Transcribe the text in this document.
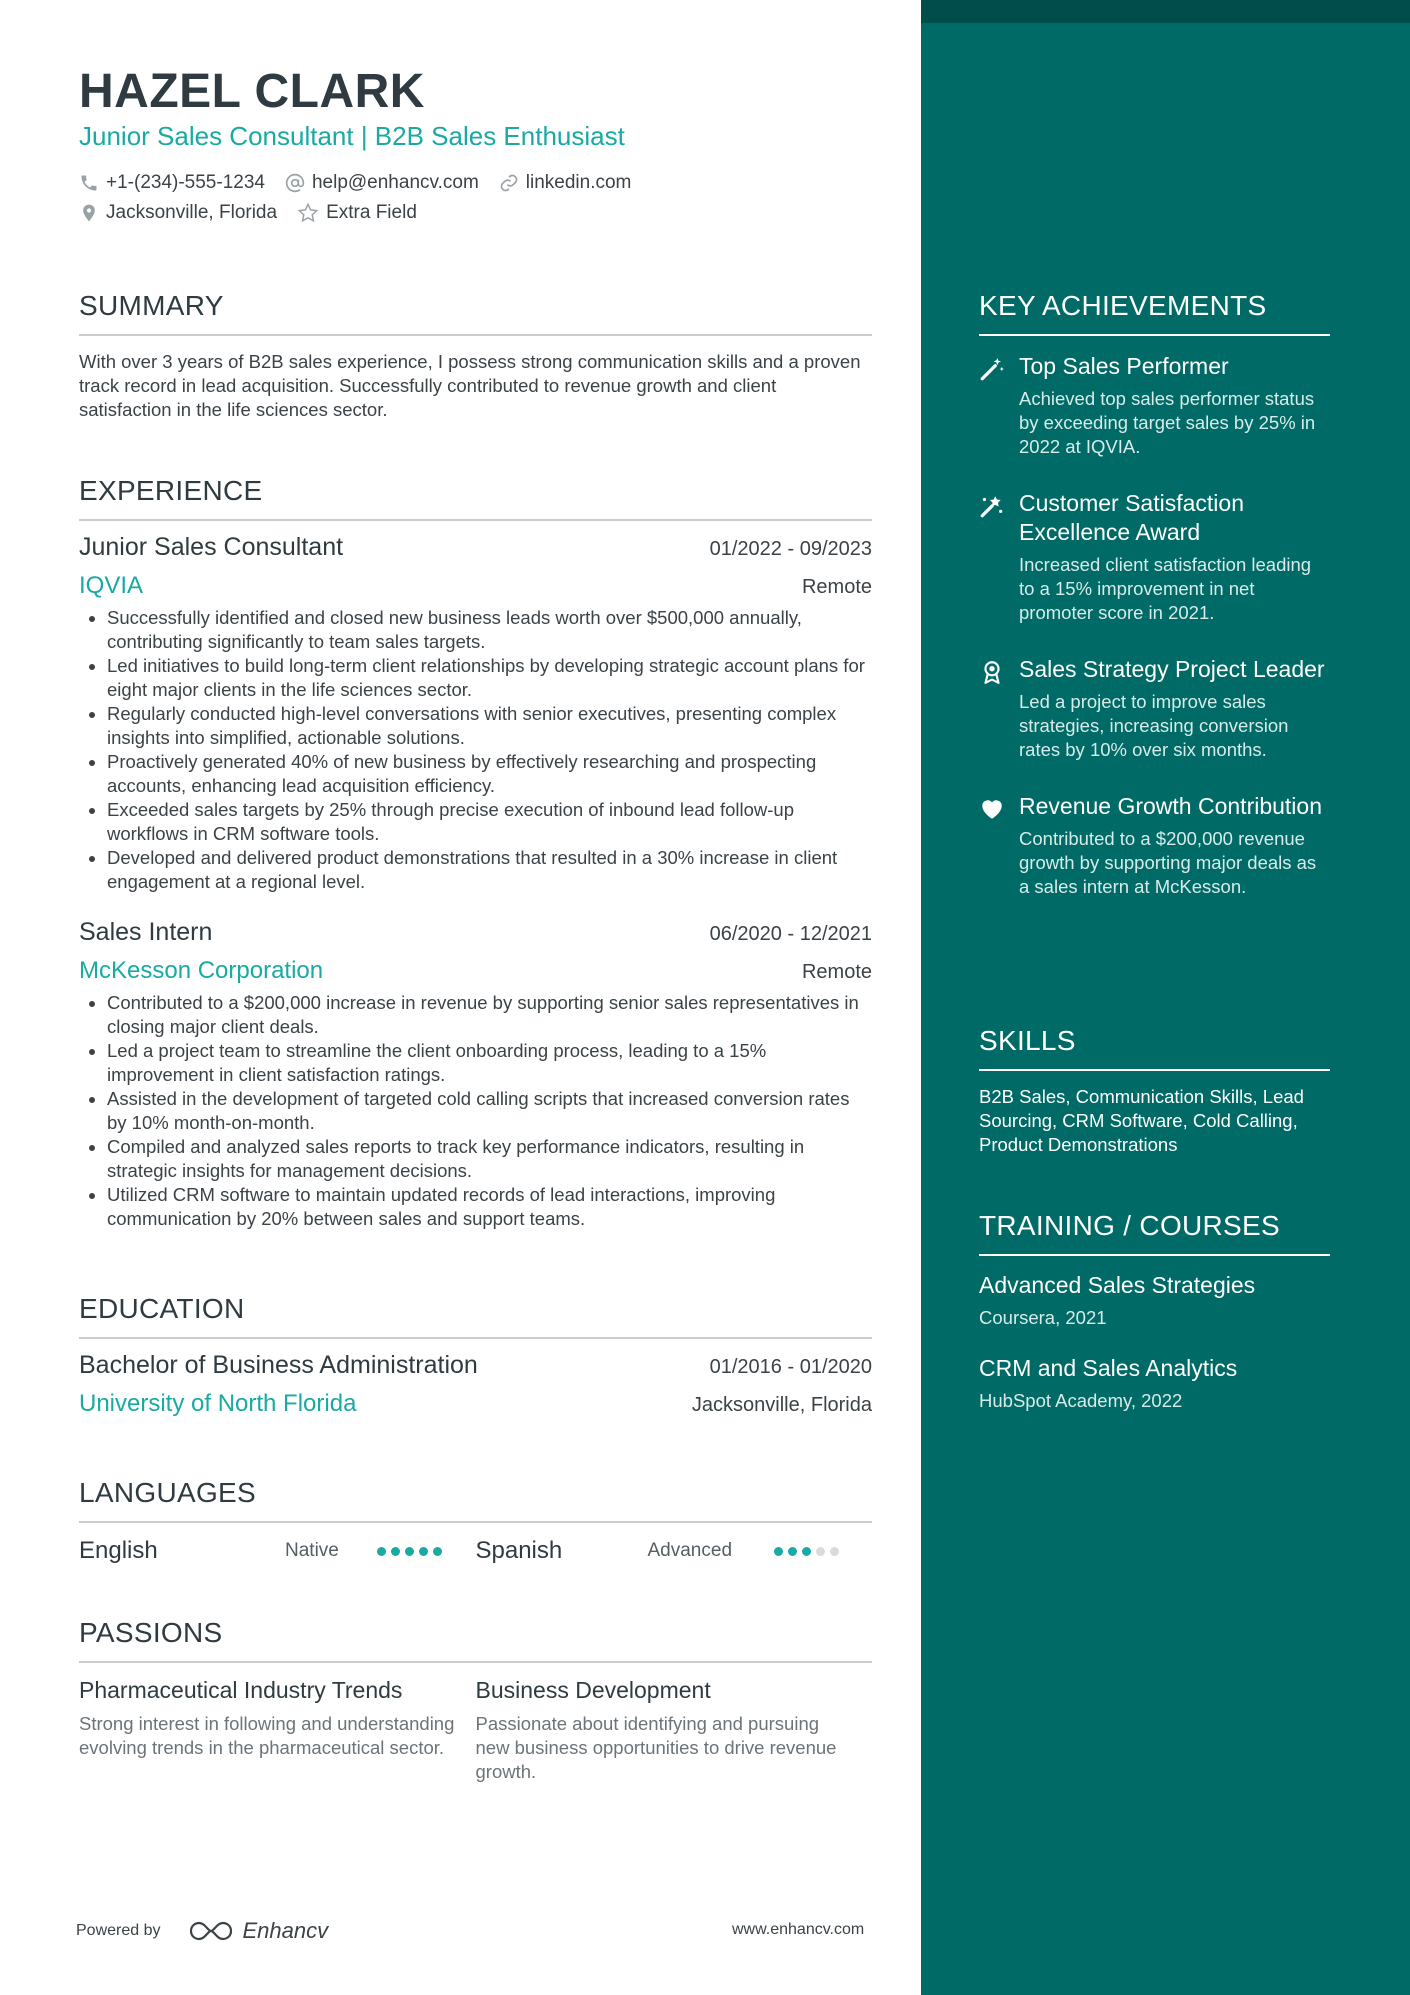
HAZEL CLARK
Junior Sales Consultant | B2B Sales Enthusiast
+1-(234)-555-1234 help@enhancv.com linkedin.com
Jacksonville, Florida	Extra Field
SUMMARY
With over 3 years of B2B sales experience, I possess strong communication skills and a proven track record in lead acquisition. Successfully contributed to revenue growth and client satisfaction in the life sciences sector.
EXPERIENCE
Junior Sales Consultant	01/2022 - 09/2023
IQVIA	Remote
• Successfully identified and closed new business leads worth over $500,000 annually, contributing significantly to team sales targets.
• Led initiatives to build long-term client relationships by developing strategic account plans for eight major clients in the life sciences sector.
• Regularly conducted high-level conversations with senior executives, presenting complex insights into simplified, actionable solutions.
• Proactively generated 40% of new business by effectively researching and prospecting accounts, enhancing lead acquisition efficiency.
• Exceeded sales targets by 25% through precise execution of inbound lead follow-up workflows in CRM software tools.
• Developed and delivered product demonstrations that resulted in a 30% increase in client engagement at a regional level.
Sales Intern	06/2020 - 12/2021
McKesson Corporation	Remote
• Contributed to a $200,000 increase in revenue by supporting senior sales representatives in closing major client deals.
• Led a project team to streamline the client onboarding process, leading to a 15% improvement in client satisfaction ratings.
• Assisted in the development of targeted cold calling scripts that increased conversion rates by 10% month-on-month.
• Compiled and analyzed sales reports to track key performance indicators, resulting in strategic insights for management decisions.
• Utilized CRM software to maintain updated records of lead interactions, improving communication by 20% between sales and support teams.
EDUCATION
Bachelor of Business Administration	01/2016 - 01/2020
University of North Florida	Jacksonville, Florida
LANGUAGES
English	Native	Spanish	Advanced
PASSIONS
Pharmaceutical Industry Trends
Strong interest in following and understanding evolving trends in the pharmaceutical sector.
Business Development
Passionate about identifying and pursuing new business opportunities to drive revenue growth.
Powered by	Enhancv	www.enhancv.com
KEY ACHIEVEMENTS
Top Sales Performer
Achieved top sales performer status by exceeding target sales by 25% in 2022 at IQVIA.
Customer Satisfaction Excellence Award
Increased client satisfaction leading to a 15% improvement in net promoter score in 2021.
Sales Strategy Project Leader
Led a project to improve sales strategies, increasing conversion rates by 10% over six months.
Revenue Growth Contribution
Contributed to a $200,000 revenue growth by supporting major deals as a sales intern at McKesson.
SKILLS
B2B Sales, Communication Skills, Lead Sourcing, CRM Software, Cold Calling, Product Demonstrations
TRAINING / COURSES
Advanced Sales Strategies
Coursera, 2021
CRM and Sales Analytics
HubSpot Academy, 2022
